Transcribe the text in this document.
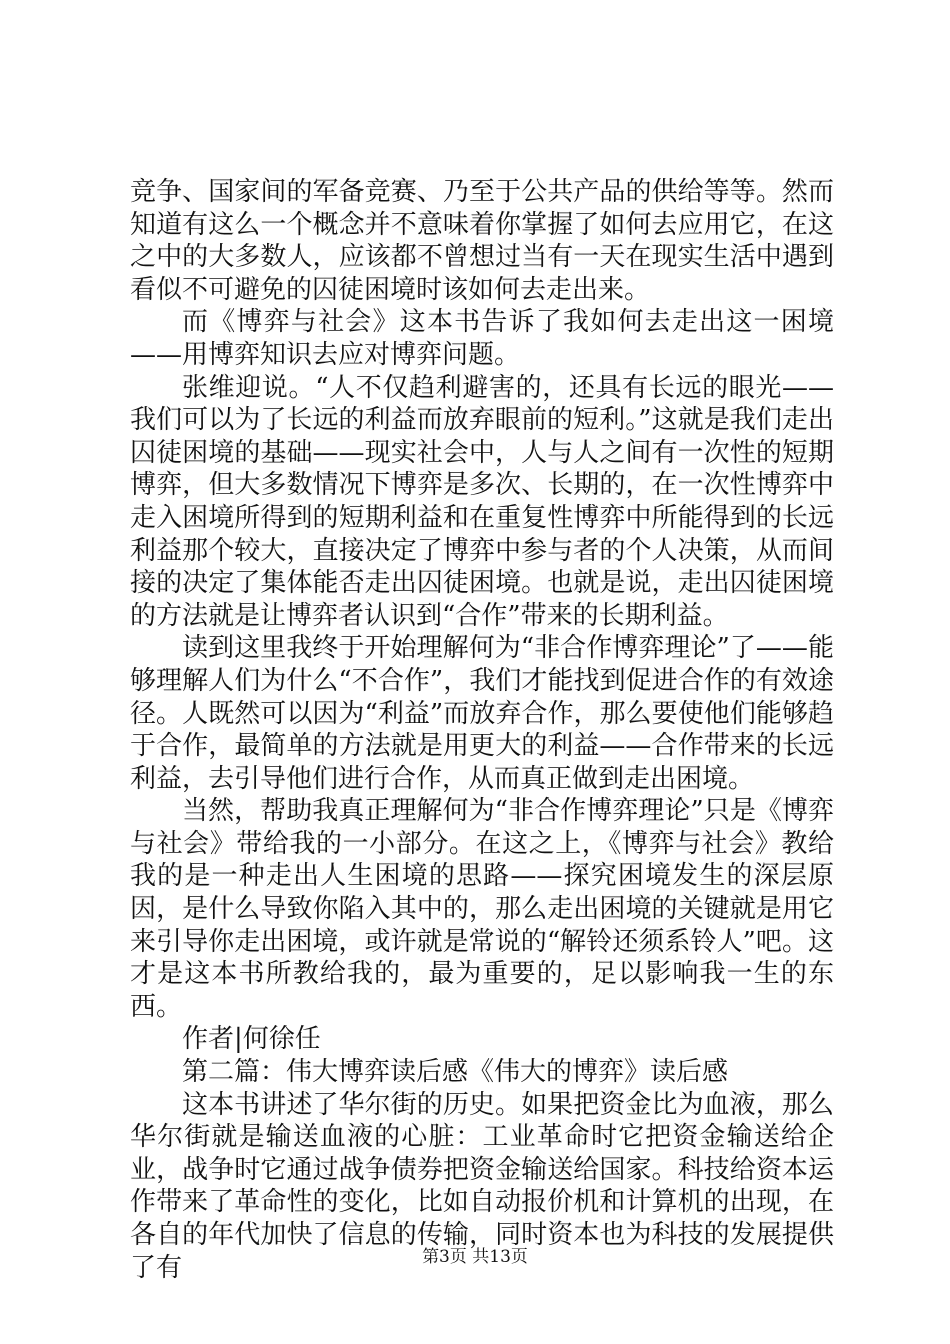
竞争、国家间的军备竞赛、乃至于公共产品的供给等等。然而知道有这么一个概念并不意味着你掌握了如何去应用它，在这之中的大多数人，应该都不曾想过当有一天在现实生活中遇到看似不可避免的囚徒困境时该如何去走出来。

而《博弈与社会》这本书告诉了我如何去走出这一困境——用博弈知识去应对博弈问题。

张维迎说。“人不仅趋利避害的，还具有长远的眼光——我们可以为了长远的利益而放弃眼前的短利。”这就是我们走出囚徒困境的基础——现实社会中，人与人之间有一次性的短期博弈，但大多数情况下博弈是多次、长期的，在一次性博弈中走入困境所得到的短期利益和在重复性博弈中所能得到的长远利益那个较大，直接决定了博弈中参与者的个人决策，从而间接的决定了集体能否走出囚徒困境。也就是说，走出囚徒困境的方法就是让博弈者认识到“合作”带来的长期利益。

读到这里我终于开始理解何为“非合作博弈理论”了——能够理解人们为什么“不合作”，我们才能找到促进合作的有效途径。人既然可以因为“利益”而放弃合作，那么要使他们能够趋于合作，最简单的方法就是用更大的利益——合作带来的长远利益，去引导他们进行合作，从而真正做到走出困境。

当然，帮助我真正理解何为“非合作博弈理论”只是《博弈与社会》带给我的一小部分。在这之上，《博弈与社会》教给我的是一种走出人生困境的思路——探究困境发生的深层原因，是什么导致你陷入其中的，那么走出困境的关键就是用它来引导你走出困境，或许就是常说的“解铃还须系铃人”吧。这才是这本书所教给我的，最为重要的，足以影响我一生的东西。

作者|何徐任

第二篇：伟大博弈读后感《伟大的博弈》读后感

这本书讲述了华尔街的历史。如果把资金比为血液，那么华尔街就是输送血液的心脏：工业革命时它把资金输送给企业，战争时它通过战争债券把资金输送给国家。科技给资本运作带来了革命性的变化，比如自动报价机和计算机的出现，在各自的年代加快了信息的传输，同时资本也为科技的发展提供了有	第3页 共13页
